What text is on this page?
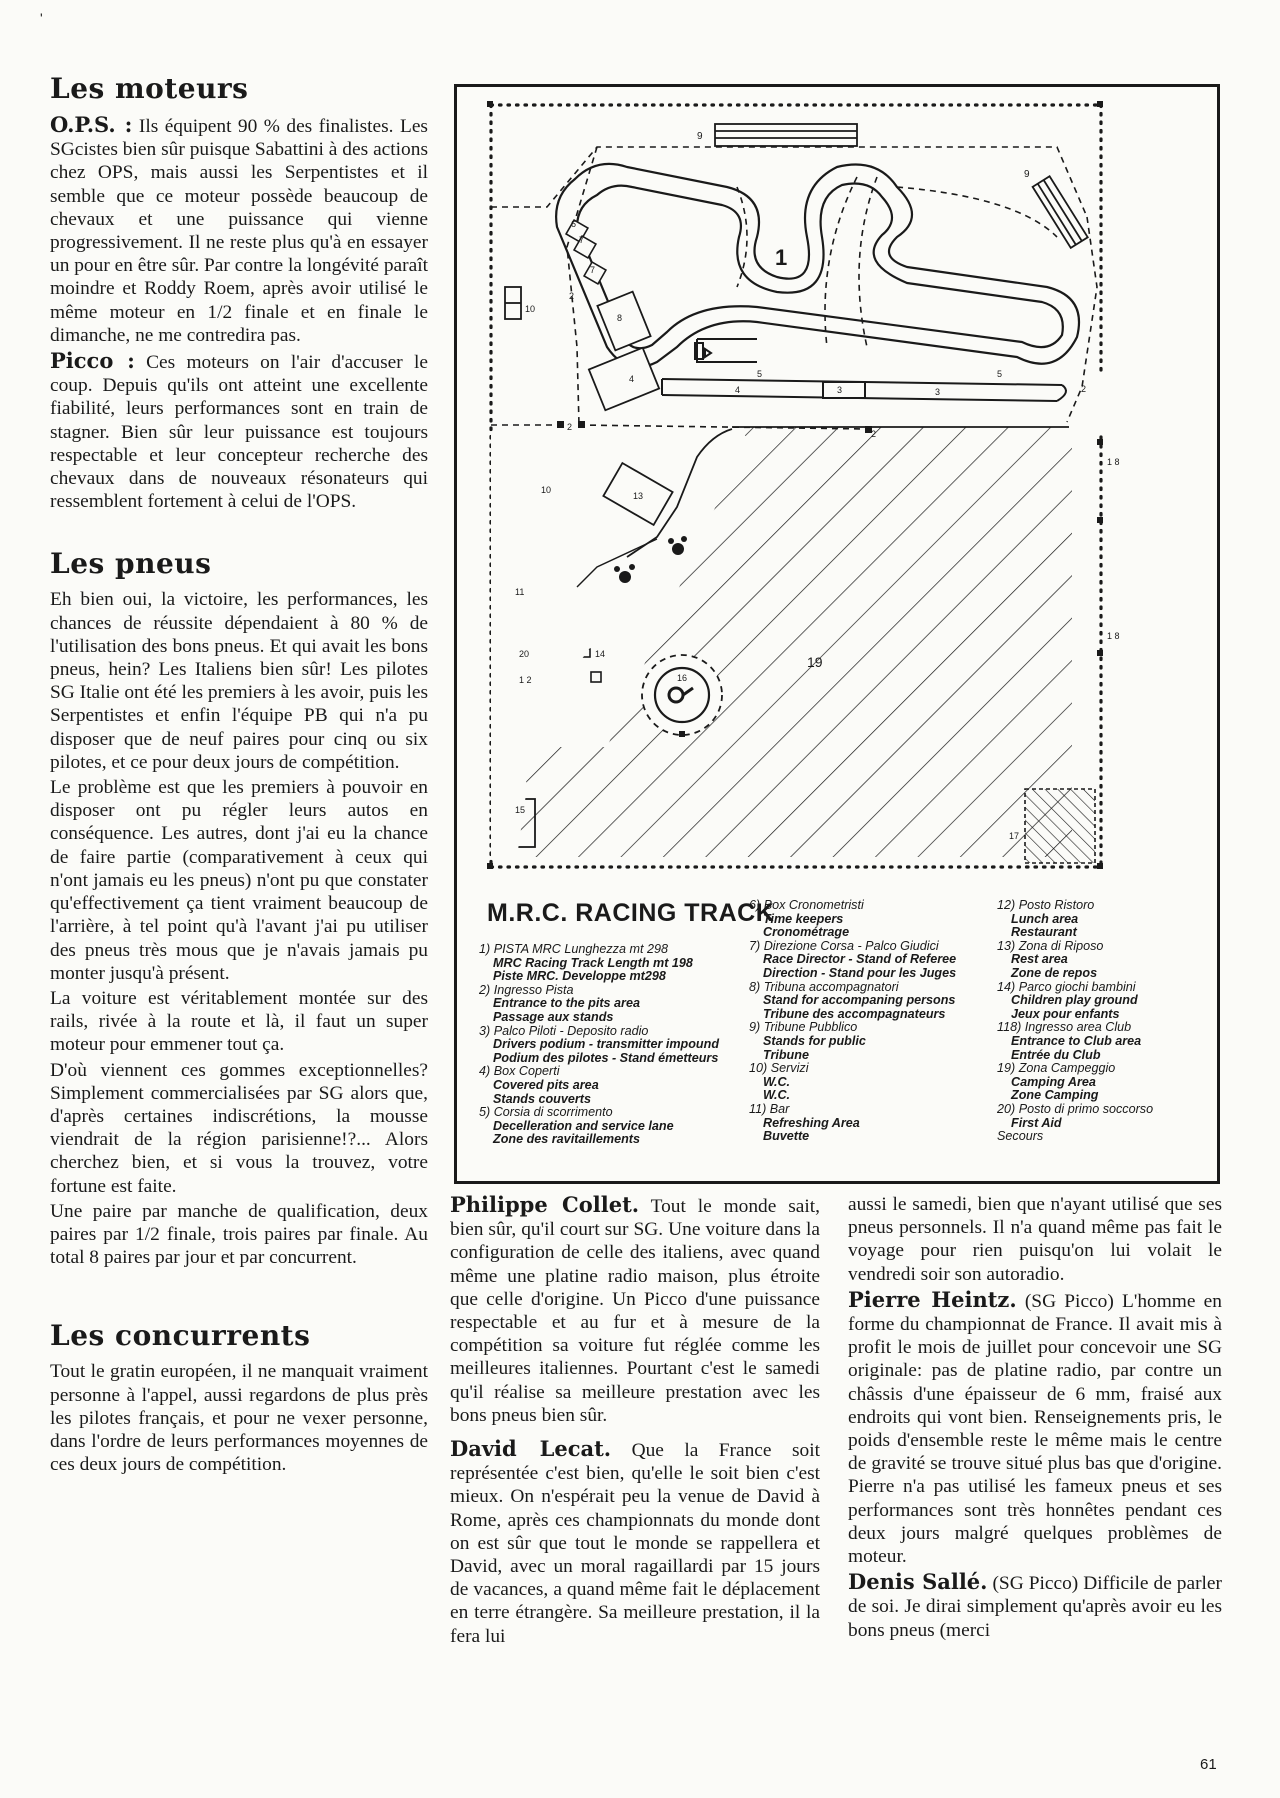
'
Les moteurs

O.P.S. : Ils équipent 90 % des finalistes. Les SGcistes bien sûr puisque Sabattini à des actions chez OPS, mais aussi les Serpentistes et il semble que ce moteur possède beaucoup de chevaux et une puissance qui vienne progressivement. Il ne reste plus qu'à en essayer un pour en être sûr. Par contre la longévité paraît moindre et Roddy Roem, après avoir utilisé le même moteur en 1/2 finale et en finale le dimanche, ne me contredira pas.

Picco : Ces moteurs on l'air d'accuser le coup. Depuis qu'ils ont atteint une excellente fiabilité, leurs performances sont en train de stagner. Bien sûr leur puissance est toujours respectable et leur concepteur recherche des chevaux dans de nouveaux résonateurs qui ressemblent fortement à celui de l'OPS.

Les pneus

Eh bien oui, la victoire, les performances, les chances de réussite dépendaient à 80 % de l'utilisation des bons pneus. Et qui avait les bons pneus, hein? Les Italiens bien sûr! Les pilotes SG Italie ont été les premiers à les avoir, puis les Serpentistes et enfin l'équipe PB qui n'a pu disposer que de neuf paires pour cinq ou six pilotes, et ce pour deux jours de compétition.

Le problème est que les premiers à pouvoir en disposer ont pu régler leurs autos en conséquence. Les autres, dont j'ai eu la chance de faire partie (comparativement à ceux qui n'ont jamais eu les pneus) n'ont pu que constater qu'effectivement ça tient vraiment beaucoup de l'arrière, à tel point qu'à l'avant j'ai pu utiliser des pneus très mous que je n'avais jamais pu monter jusqu'à présent.

La voiture est véritablement montée sur des rails, rivée à la route et là, il faut un super moteur pour emmener tout ça.

D'où viennent ces gommes exceptionnelles? Simplement commercialisées par SG alors que, d'après certaines indiscrétions, la mousse viendrait de la région parisienne!?... Alors cherchez bien, et si vous la trouvez, votre fortune est faite.

Une paire par manche de qualification, deux paires par 1/2 finale, trois paires par finale. Au total 8 paires par jour et par concurrent.

Les concurrents

Tout le gratin européen, il ne manquait vraiment personne à l'appel, aussi regardons de plus près les pilotes français, et pour ne vexer personne, dans l'ordre de leurs performances moyennes de ces deux jours de compétition.

1
9
9
6
7
7
8
4
4
5	5
3	3
2
2
2
2
10
10
11
20
1 2
13
14
15
16
17
1 8
1 8
19
M.R.C. RACING TRACK
1) PISTA MRC Lunghezza mt 298
MRC Racing Track Length mt 198
Piste MRC. Developpe mt298
2) Ingresso Pista
Entrance to the pits area
Passage aux stands
3) Palco Piloti - Deposito radio
Drivers podium - transmitter impound
Podium des pilotes - Stand émetteurs
4) Box Coperti
Covered pits area
Stands couverts
5) Corsia di scorrimento
Decelleration and service lane
Zone des ravitaillements
6) Box Cronometristi
Time keepers
Cronométrage
7) Direzione Corsa - Palco Giudici
Race Director - Stand of Referee
Direction - Stand pour les Juges
8) Tribuna accompagnatori
Stand for accompaning persons
Tribune des accompagnateurs
9) Tribune Pubblico
Stands for public
Tribune
10) Servizi
W.C.
W.C.
11) Bar
Refreshing Area
Buvette
12) Posto Ristoro
Lunch area
Restaurant
13) Zona di Riposo
Rest area
Zone de repos
14) Parco giochi bambini
Children play ground
Jeux pour enfants
118) Ingresso area Club
Entrance to Club area
Entrée du Club
19) Zona Campeggio
Camping Area
Zone Camping
20) Posto di primo soccorso
First Aid
Secours

Philippe Collet. Tout le monde sait, bien sûr, qu'il court sur SG. Une voiture dans la configuration de celle des italiens, avec quand même une platine radio maison, plus étroite que celle d'origine. Un Picco d'une puissance respectable et au fur et à mesure de la compétition sa voiture fut réglée comme les meilleures italiennes. Pourtant c'est le samedi qu'il réalise sa meilleure prestation avec les bons pneus bien sûr.

David Lecat. Que la France soit représentée c'est bien, qu'elle le soit bien c'est mieux. On n'espérait peu la venue de David à Rome, après ces championnats du monde dont on est sûr que tout le monde se rappellera et David, avec un moral ragaillardi par 15 jours de vacances, a quand même fait le déplacement en terre étrangère. Sa meilleure prestation, il la fera lui

aussi le samedi, bien que n'ayant utilisé que ses pneus personnels. Il n'a quand même pas fait le voyage pour rien puisqu'on lui volait le vendredi soir son autoradio.

Pierre Heintz. (SG Picco) L'homme en forme du championnat de France. Il avait mis à profit le mois de juillet pour concevoir une SG originale: pas de platine radio, par contre un châssis d'une épaisseur de 6 mm, fraisé aux endroits qui vont bien. Renseignements pris, le poids d'ensemble reste le même mais le centre de gravité se trouve situé plus bas que d'origine. Pierre n'a pas utilisé les fameux pneus et ses performances sont très honnêtes pendant ces deux jours malgré quelques problèmes de moteur.

Denis Sallé. (SG Picco) Difficile de parler de soi. Je dirai simplement qu'après avoir eu les bons pneus (merci

61
